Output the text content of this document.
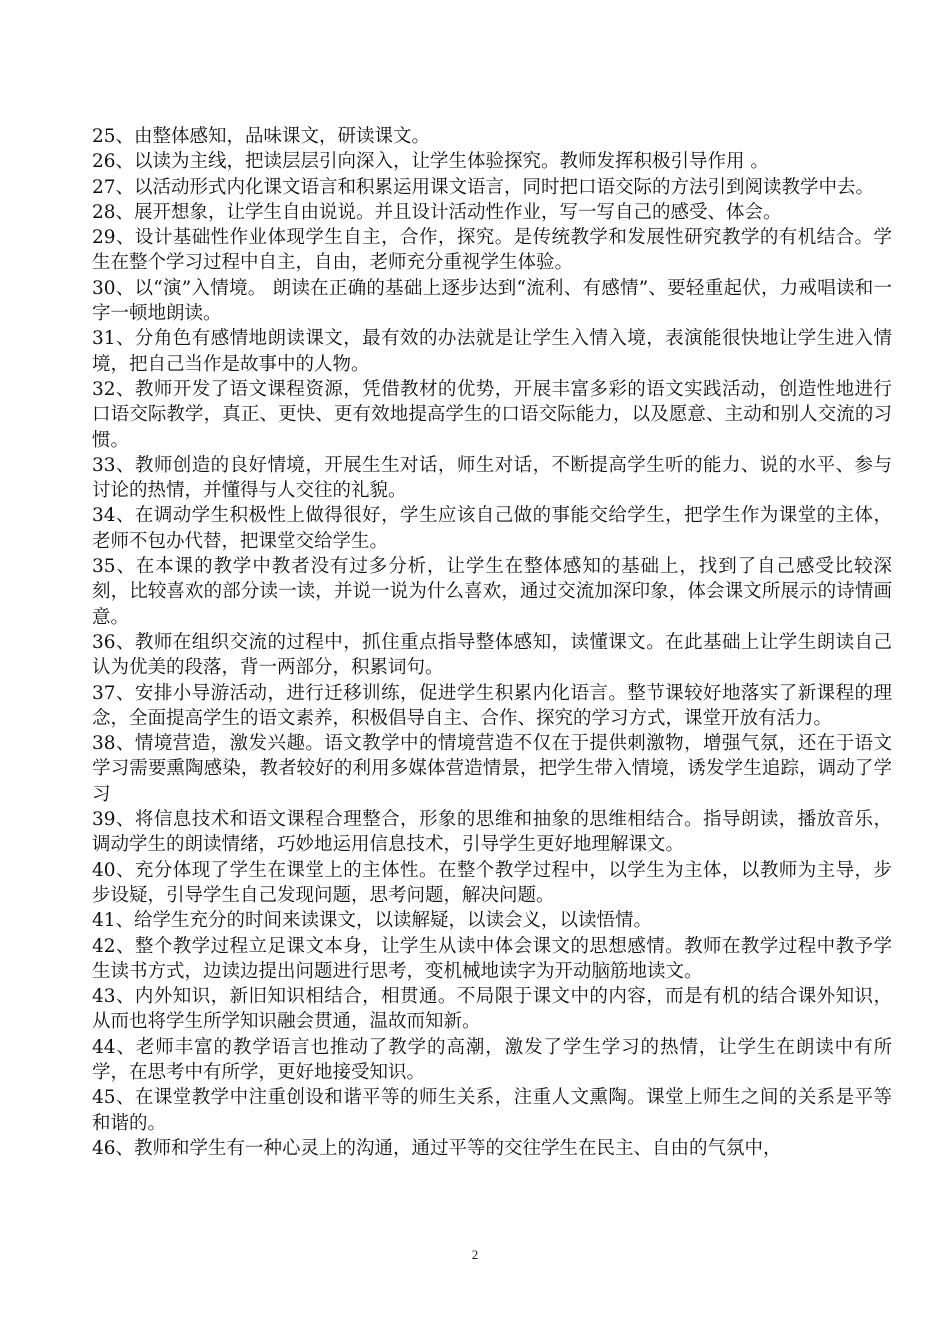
25、由整体感知，品味课文，研读课文。

26、以读为主线，把读层层引向深入，让学生体验探究。教师发挥积极引导作用 。

27、以活动形式内化课文语言和积累运用课文语言，同时把口语交际的方法引到阅读教学中去。

28、展开想象，让学生自由说说。并且设计活动性作业，写一写自己的感受、体会。

29、设计基础性作业体现学生自主，合作，探究。是传统教学和发展性研究教学的有机结合。学生在整个学习过程中自主，自由，老师充分重视学生体验。

30、以“演”入情境。 朗读在正确的基础上逐步达到“流利、有感情”、要轻重起伏，力戒唱读和一字一顿地朗读。

31、分角色有感情地朗读课文，最有效的办法就是让学生入情入境，表演能很快地让学生进入情境，把自己当作是故事中的人物。

32、教师开发了语文课程资源，凭借教材的优势，开展丰富多彩的语文实践活动，创造性地进行口语交际教学，真正、更快、更有效地提高学生的口语交际能力，以及愿意、主动和别人交流的习惯。

33、教师创造的良好情境，开展生生对话，师生对话，不断提高学生听的能力、说的水平、参与讨论的热情，并懂得与人交往的礼貌。

34、在调动学生积极性上做得很好，学生应该自己做的事能交给学生，把学生作为课堂的主体，老师不包办代替，把课堂交给学生。

35、在本课的教学中教者没有过多分析，让学生在整体感知的基础上，找到了自己感受比较深刻，比较喜欢的部分读一读，并说一说为什么喜欢，通过交流加深印象，体会课文所展示的诗情画意。

36、教师在组织交流的过程中，抓住重点指导整体感知，读懂课文。在此基础上让学生朗读自己认为优美的段落，背一两部分，积累词句。

37、安排小导游活动，进行迁移训练，促进学生积累内化语言。整节课较好地落实了新课程的理念，全面提高学生的语文素养，积极倡导自主、合作、探究的学习方式，课堂开放有活力。

38、情境营造，激发兴趣。语文教学中的情境营造不仅在于提供刺激物，增强气氛，还在于语文学习需要熏陶感染，教者较好的利用多媒体营造情景，把学生带入情境，诱发学生追踪，调动了学习

39、将信息技术和语文课程合理整合，形象的思维和抽象的思维相结合。指导朗读，播放音乐，调动学生的朗读情绪，巧妙地运用信息技术，引导学生更好地理解课文。

40、充分体现了学生在课堂上的主体性。在整个教学过程中，以学生为主体，以教师为主导，步步设疑，引导学生自己发现问题，思考问题，解决问题。

41、给学生充分的时间来读课文，以读解疑，以读会义，以读悟情。

42、整个教学过程立足课文本身，让学生从读中体会课文的思想感情。教师在教学过程中教予学生读书方式，边读边提出问题进行思考，变机械地读字为开动脑筋地读文。

43、内外知识，新旧知识相结合，相贯通。不局限于课文中的内容，而是有机的结合课外知识，从而也将学生所学知识融会贯通，温故而知新。

44、老师丰富的教学语言也推动了教学的高潮，激发了学生学习的热情，让学生在朗读中有所学，在思考中有所学，更好地接受知识。

45、在课堂教学中注重创设和谐平等的师生关系，注重人文熏陶。课堂上师生之间的关系是平等和谐的。

46、教师和学生有一种心灵上的沟通，通过平等的交往学生在民主、自由的气氛中，

2
